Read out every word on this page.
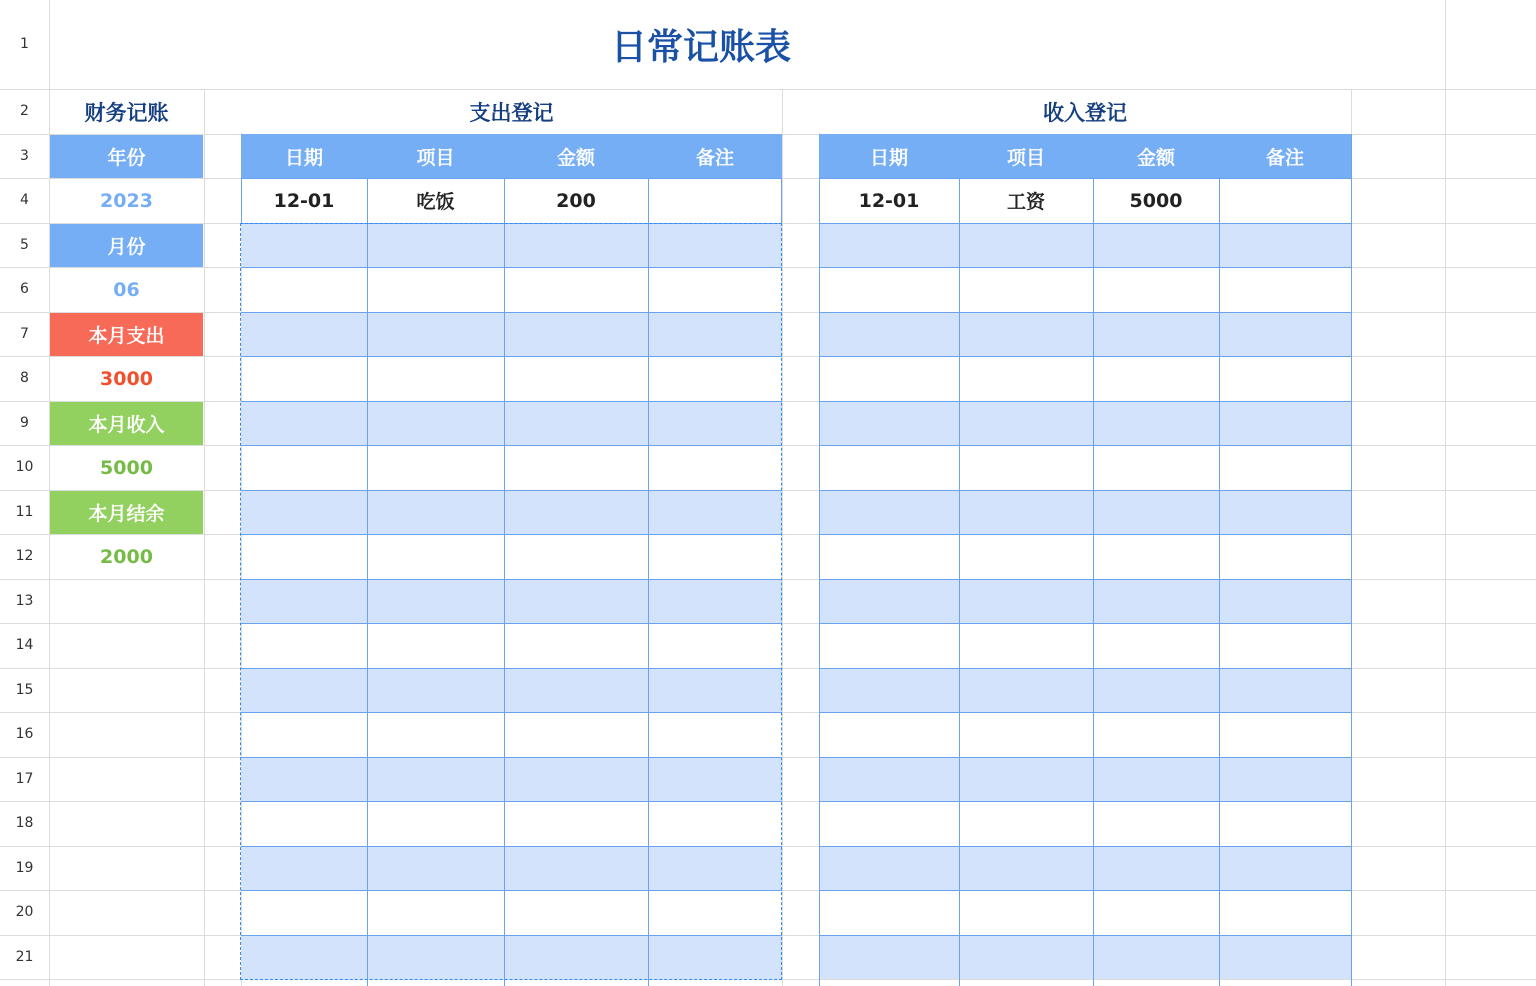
1
2
3
4
5
6
7
8
9
10
11
12
13
14
15
16
17
18
19
20
21
日常记账表
财务记账
年份
2023
月份
06
本月支出
3000
本月收入
5000
本月结余
2000
支出登记
日期	项目	金额	备注
12-01	吃饭	200
收入登记
日期	项目	金额	备注
12-01	工资	5000
